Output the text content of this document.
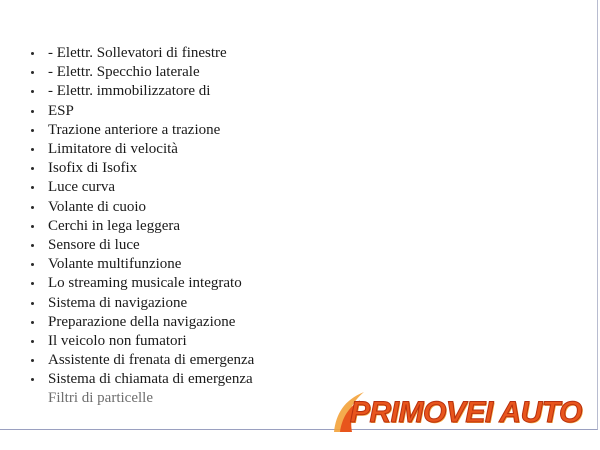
- Elettr. Sollevatori di finestre
- Elettr. Specchio laterale
- Elettr. immobilizzatore di
ESP
Trazione anteriore a trazione
Limitatore di velocità
Isofix di Isofix
Luce curva
Volante di cuoio
Cerchi in lega leggera
Sensore di luce
Volante multifunzione
Lo streaming musicale integrato
Sistema di navigazione
Preparazione della navigazione
Il veicolo non fumatori
Assistente di frenata di emergenza
Sistema di chiamata di emergenza
Filtri di particelle	PRIMOVEI AUTO
